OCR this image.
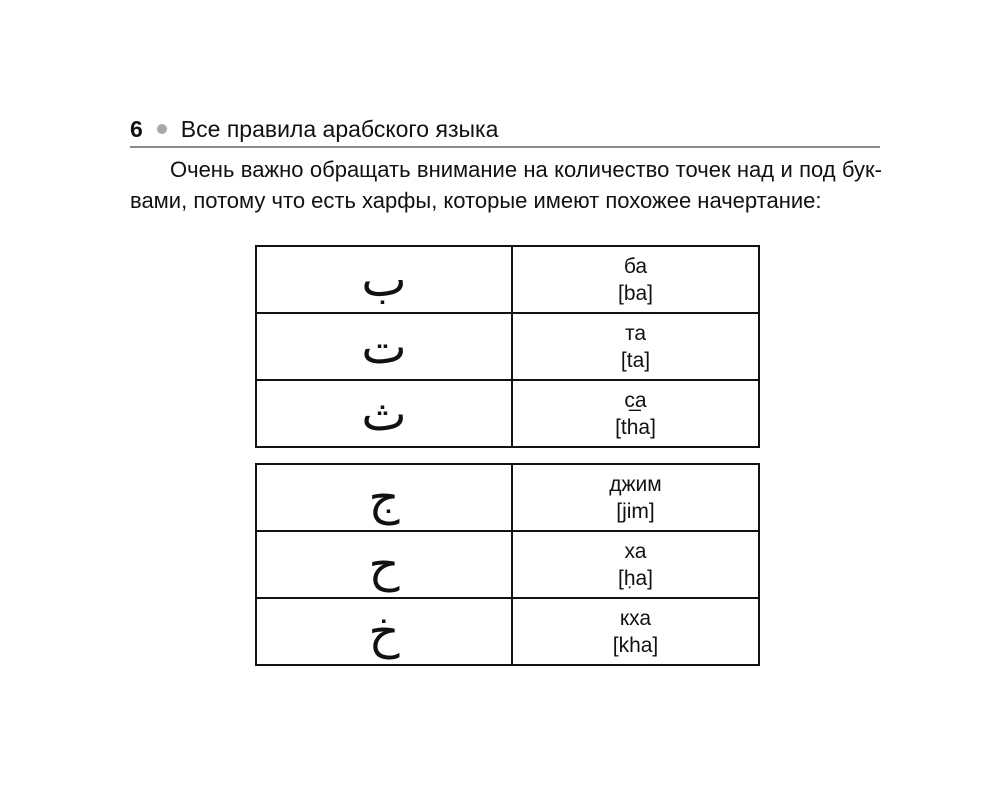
6 Все правила арабского языка

Очень важно обращать внимание на количество точек над и под бук-
вами, потому что есть харфы, которые имеют похожее начертание:

ب	ба
[ba]

ت	та
[ta]

ث	с̲а
[tha]
ج	джим
[jim]

ح	ха
[ḥa]

خ	кха
[kha]
